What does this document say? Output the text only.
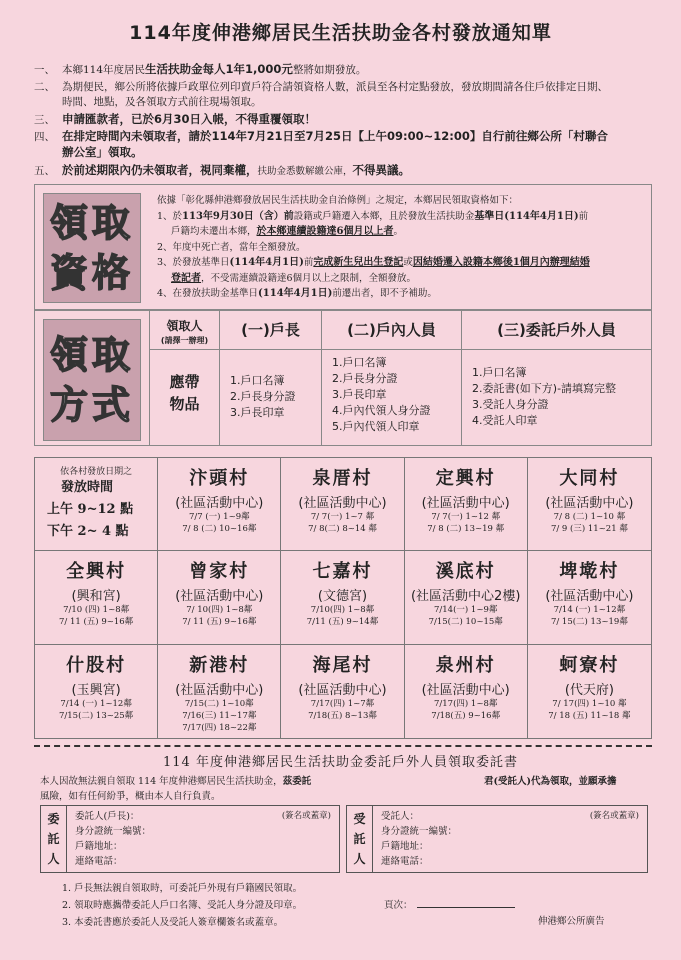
114年度伸港鄉居民生活扶助金各村發放通知單
一、 本鄉114年度居民生活扶助金每人1年1,000元整將如期發放。
二、 為期便民，鄉公所將依據戶政單位列印賣戶符合請領資格人數，派員至各村定點發放，發放期間請各住戶依排定日期、
時間、地點，及各領取方式前往現場領取。
三、 申請匯款者，已於6月30日入帳，不得重覆領取！
四、 在排定時間內未領取者，請於114年7月21日至7月25日【上午09:00~12:00】自行前往鄉公所「村聯合
辦公室」領取。
五、 於前述期限內仍未領取者，視同棄權，扶助金悉數解繳公庫，不得異議。
領取
資格
依據「彰化縣伸港鄉發放居民生活扶助金自治條例」之規定，本鄉居民領取資格如下：
1、於113年9月30日（含）前設籍或戶籍遷入本鄉，且於發放生活扶助金基準日(114年4月1日)前
戶籍均未遷出本鄉，於本鄉連續設籍達6個月以上者。
2、年度中死亡者，當年全額發放。
3、於發放基準日(114年4月1日)前完成新生兒出生登記或因結婚遷入設籍本鄉後1個月內辦理結婚
登記者，不受需連續設籍達6個月以上之限制，全額發放。
4、在發放扶助金基準日(114年4月1日)前遷出者，即不予補助。
領取
方式
領取人
(請擇一辦理)
應帶
物品
(一)戶長
1.戶口名簿
2.戶長身分證
3.戶長印章
(二)戶內人員
1.戶口名簿
2.戶長身分證
3.戶長印章
4.戶內代領人身分證
5.戶內代領人印章
(三)委託戶外人員
1.戶口名簿
2.委託書(如下方)-請填寫完整
3.受託人身分證
4.受託人印章
依各村發放日期之
發放時間
上午 9~12 點
下午 2~ 4 點
汴頭村
(社區活動中心)
7/7 (一) 1~9鄰
7/ 8 (二) 10~16鄰
泉厝村
(社區活動中心)
7/ 7(一) 1~7 鄰
7/ 8(二) 8~14 鄰
定興村
(社區活動中心)
7/ 7(一) 1~12 鄰
7/ 8 (二) 13~19 鄰
大同村
(社區活動中心)
7/ 8 (二) 1~10 鄰
7/ 9 (三) 11~21 鄰
全興村
(興和宮)
7/10 (四) 1~8鄰
7/ 11 (五) 9~16鄰
曾家村
(社區活動中心)
7/ 10(四) 1~8鄰
7/ 11 (五) 9~16鄰
七嘉村
(文德宮)
7/10(四) 1~8鄰
7/11 (五) 9~14鄰
溪底村
(社區活動中心2樓)
7/14(一) 1~9鄰
7/15(二) 10~15鄰
埤墘村
(社區活動中心)
7/14 (一) 1~12鄰
7/ 15(二) 13~19鄰
什股村
(玉興宮)
7/14 (一) 1~12鄰
7/15(二) 13~25鄰
新港村
(社區活動中心)
7/15(二) 1~10鄰
7/16(三) 11~17鄰
7/17(四) 18~22鄰
海尾村
(社區活動中心)
7/17(四) 1~7鄰
7/18(五) 8~13鄰
泉州村
(社區活動中心)
7/17(四) 1~8鄰
7/18(五) 9~16鄰
蚵寮村
(代天府)
7/ 17(四) 1~10 鄰
7/ 18 (五) 11~18 鄰
114 年度伸港鄉居民生活扶助金委託戶外人員領取委託書
本人因故無法親自領取 114 年度伸港鄉居民生活扶助金，茲委託	君(受託人)代為領取，並願承擔
風險，如有任何紛爭，概由本人自行負責。
委
託
人
委託人(戶長)：
身分證統一編號：
戶籍地址：
連絡電話：
(簽名或蓋章) 受
託
人
受託人：
身分證統一編號：
戶籍地址：
連絡電話：
(簽名或蓋章)
1. 戶長無法親自領取時，可委託戶外現有戶籍國民領取。
2. 領取時應攜帶委託人戶口名簿、受託人身分證及印章。
3. 本委託書應於委託人及受託人簽章欄簽名或蓋章。
頁次：
伸港鄉公所廣告
